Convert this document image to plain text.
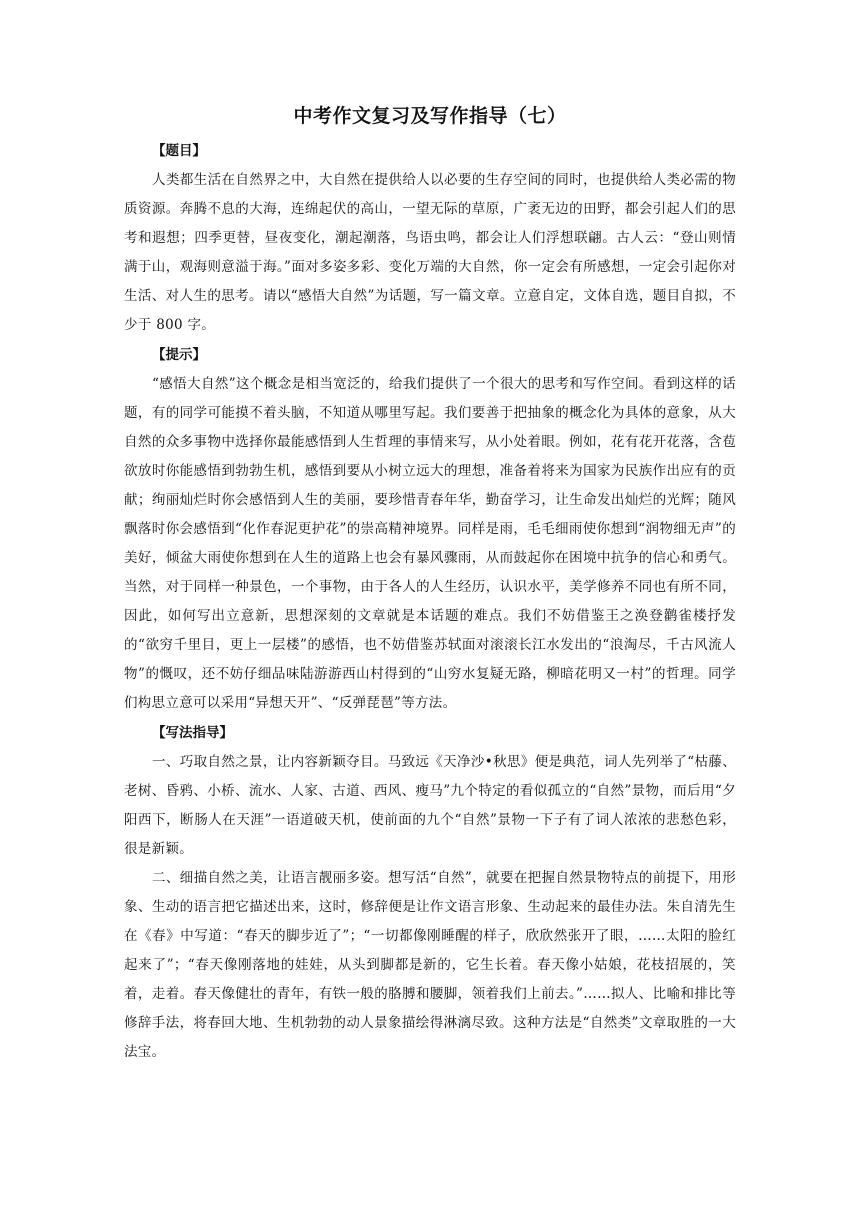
中考作文复习及写作指导（七）

【题目】

人类都生活在自然界之中，大自然在提供给人以必要的生存空间的同时，也提供给人类必需的物质资源。奔腾不息的大海，连绵起伏的高山，一望无际的草原，广袤无边的田野，都会引起人们的思考和遐想；四季更替，昼夜变化，潮起潮落，鸟语虫鸣，都会让人们浮想联翩。古人云：“登山则情满于山，观海则意溢于海。”面对多姿多彩、变化万端的大自然，你一定会有所感想，一定会引起你对生活、对人生的思考。请以“感悟大自然”为话题，写一篇文章。立意自定，文体自选，题目自拟，不少于 800 字。

【提示】

“感悟大自然”这个概念是相当宽泛的，给我们提供了一个很大的思考和写作空间。看到这样的话题，有的同学可能摸不着头脑，不知道从哪里写起。我们要善于把抽象的概念化为具体的意象，从大自然的众多事物中选择你最能感悟到人生哲理的事情来写，从小处着眼。例如，花有花开花落，含苞欲放时你能感悟到勃勃生机，感悟到要从小树立远大的理想，准备着将来为国家为民族作出应有的贡献；绚丽灿烂时你会感悟到人生的美丽，要珍惜青春年华，勤奋学习，让生命发出灿烂的光辉；随风飘落时你会感悟到“化作春泥更护花”的崇高精神境界。同样是雨，毛毛细雨使你想到“润物细无声”的美好，倾盆大雨使你想到在人生的道路上也会有暴风骤雨，从而鼓起你在困境中抗争的信心和勇气。当然，对于同样一种景色，一个事物，由于各人的人生经历，认识水平，美学修养不同也有所不同，因此，如何写出立意新，思想深刻的文章就是本话题的难点。我们不妨借鉴王之涣登鹳雀楼抒发的“欲穷千里目，更上一层楼”的感悟，也不妨借鉴苏轼面对滚滚长江水发出的“浪淘尽，千古风流人物”的慨叹，还不妨仔细品味陆游游西山村得到的“山穷水复疑无路，柳暗花明又一村”的哲理。同学们构思立意可以采用“异想天开”、“反弹琵琶”等方法。

【写法指导】

一、巧取自然之景，让内容新颖夺目。马致远《天净沙•秋思》便是典范，词人先列举了“枯藤、老树、昏鸦、小桥、流水、人家、古道、西风、瘦马”九个特定的看似孤立的“自然”景物，而后用“夕阳西下，断肠人在天涯”一语道破天机，使前面的九个“自然”景物一下子有了词人浓浓的悲愁色彩，很是新颖。

二、细描自然之美，让语言靓丽多姿。想写活“自然”，就要在把握自然景物特点的前提下，用形象、生动的语言把它描述出来，这时，修辞便是让作文语言形象、生动起来的最佳办法。朱自清先生在《春》中写道：“春天的脚步近了”；“一切都像刚睡醒的样子，欣欣然张开了眼，……太阳的脸红起来了”；“春天像刚落地的娃娃，从头到脚都是新的，它生长着。春天像小姑娘，花枝招展的，笑着，走着。春天像健壮的青年，有铁一般的胳膊和腰脚，领着我们上前去。”……拟人、比喻和排比等修辞手法，将春回大地、生机勃勃的动人景象描绘得淋漓尽致。这种方法是“自然类”文章取胜的一大法宝。
